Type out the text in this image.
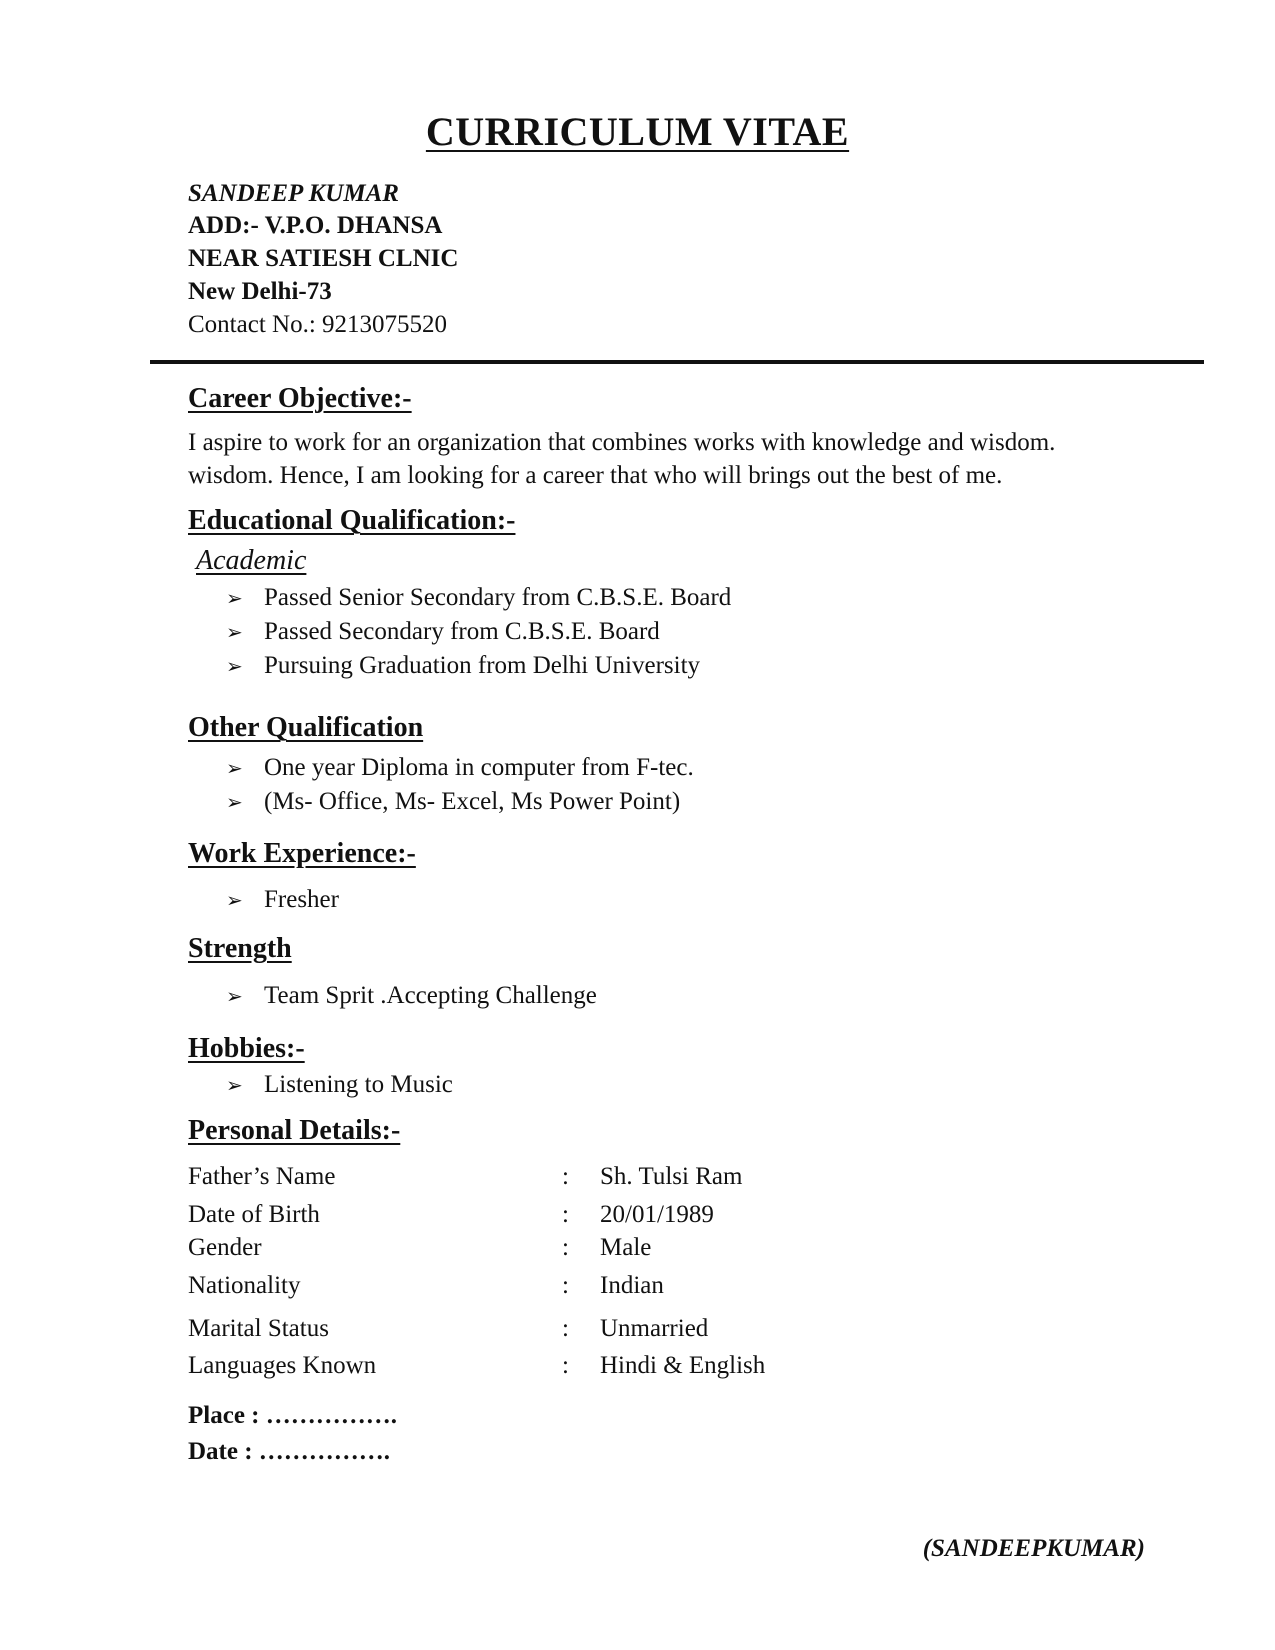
CURRICULUM VITAE
SANDEEP KUMAR
ADD:- V.P.O. DHANSA
NEAR SATIESH CLNIC
New Delhi-73
Contact No.: 9213075520
Career Objective:-
I aspire to work for an organization that combines works with knowledge and wisdom.
wisdom. Hence, I am looking for a career that who will brings out the best of me.
Educational Qualification:-
Academic
➢ Passed Senior Secondary from C.B.S.E. Board
➢ Passed Secondary from C.B.S.E. Board
➢ Pursuing Graduation from Delhi University
Other Qualification
➢ One year Diploma in computer from F-tec.
➢ (Ms- Office, Ms- Excel, Ms Power Point)
Work Experience:-
➢ Fresher
Strength
➢ Team Sprit .Accepting Challenge
Hobbies:-
➢ Listening to Music
Personal Details:-
Father’s Name	: Sh. Tulsi Ram
Date of Birth	: 20/01/1989
Gender	: Male
Nationality	: Indian
Marital Status	: Unmarried
Languages Known	: Hindi & English
Place : …………….
Date : …………….
(SANDEEPKUMAR)
